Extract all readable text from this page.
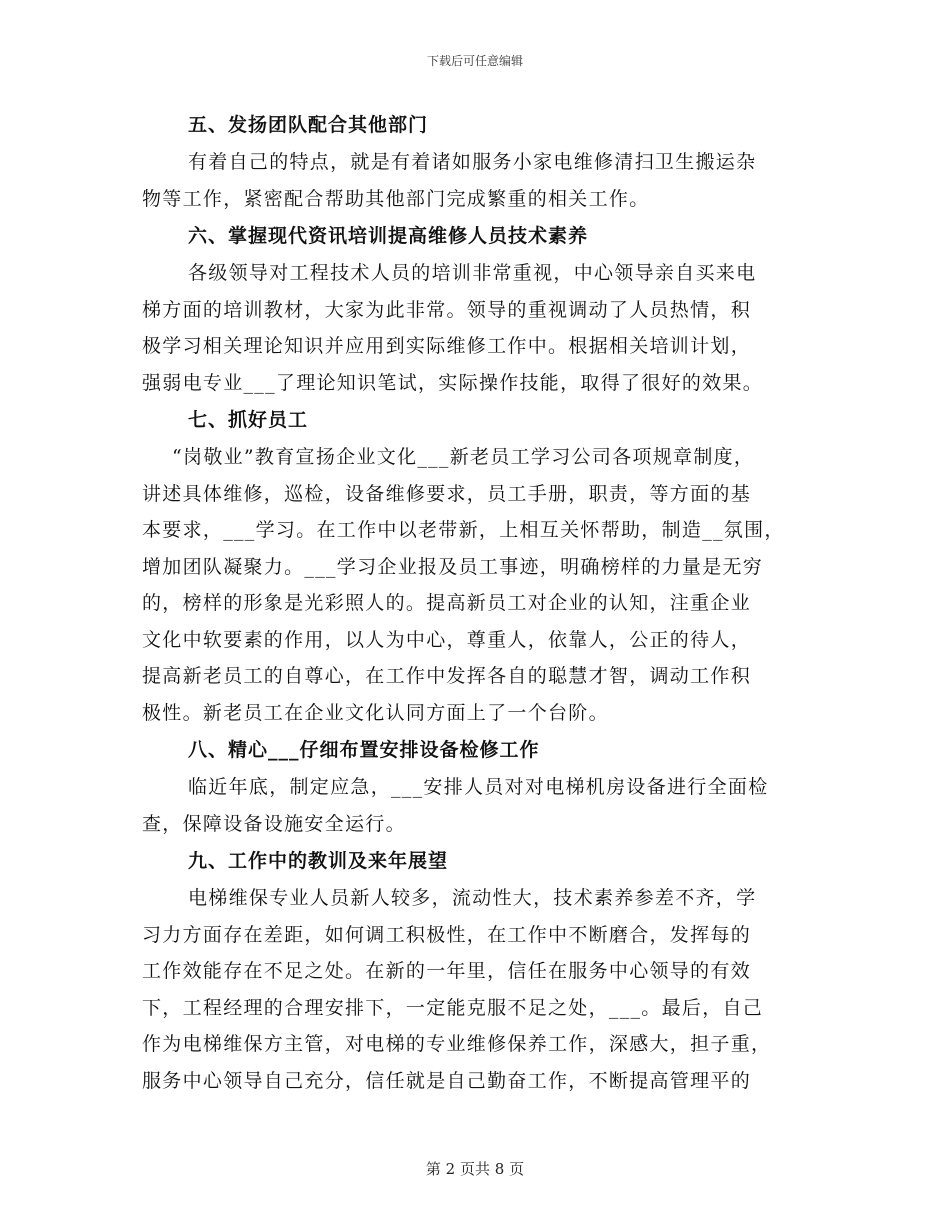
下载后可任意编辑
五、发扬团队配合其他部门
有着自己的特点，就是有着诸如服务小家电维修清扫卫生搬运杂
物等工作，紧密配合帮助其他部门完成繁重的相关工作。
六、掌握现代资讯培训提高维修人员技术素养
各级领导对工程技术人员的培训非常重视，中心领导亲自买来电
梯方面的培训教材，大家为此非常。领导的重视调动了人员热情，积
极学习相关理论知识并应用到实际维修工作中。根据相关培训计划，
强弱电专业___了理论知识笔试，实际操作技能，取得了很好的效果。
七、抓好员工
“岗敬业”教育宣扬企业文化___新老员工学习公司各项规章制度，
讲述具体维修，巡检，设备维修要求，员工手册，职责，等方面的基
本要求，___学习。在工作中以老带新，上相互关怀帮助，制造__氛围，
增加团队凝聚力。___学习企业报及员工事迹，明确榜样的力量是无穷
的，榜样的形象是光彩照人的。提高新员工对企业的认知，注重企业
文化中软要素的作用，以人为中心，尊重人，依靠人，公正的待人，
提高新老员工的自尊心，在工作中发挥各自的聪慧才智，调动工作积
极性。新老员工在企业文化认同方面上了一个台阶。
八、精心___仔细布置安排设备检修工作
临近年底，制定应急，___安排人员对对电梯机房设备进行全面检
查，保障设备设施安全运行。
九、工作中的教训及来年展望
电梯维保专业人员新人较多，流动性大，技术素养参差不齐，学
习力方面存在差距，如何调工积极性，在工作中不断磨合，发挥每的
工作效能存在不足之处。在新的一年里，信任在服务中心领导的有效
下，工程经理的合理安排下，一定能克服不足之处，___。最后，自己
作为电梯维保方主管，对电梯的专业维修保养工作，深感大，担子重，
服务中心领导自己充分，信任就是自己勤奋工作，不断提高管理平的
第 2 页共 8 页
